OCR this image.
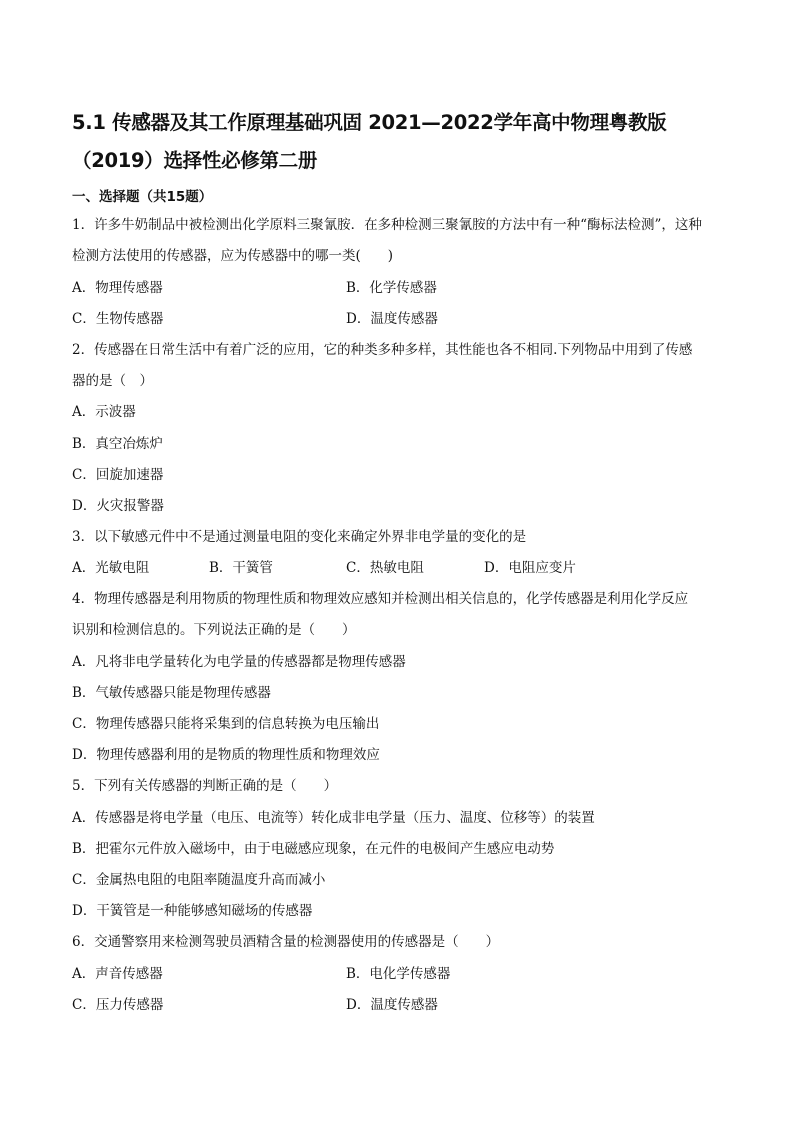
5.1 传感器及其工作原理基础巩固 2021—2022学年高中物理粤教版
（2019）选择性必修第二册
一、选择题（共15题）
1．许多牛奶制品中被检测出化学原料三聚氰胺．在多种检测三聚氰胺的方法中有一种“酶标法检测”，这种
检测方法使用的传感器，应为传感器中的哪一类(　　)
A．物理传感器	B．化学传感器
C．生物传感器	D．温度传感器
2．传感器在日常生活中有着广泛的应用，它的种类多种多样，其性能也各不相同.下列物品中用到了传感
器的是（　）
A．示波器
B．真空冶炼炉
C．回旋加速器
D．火灾报警器
3．以下敏感元件中不是通过测量电阻的变化来确定外界非电学量的变化的是
A．光敏电阻	B．干簧管	C．热敏电阻	D．电阻应变片
4．物理传感器是利用物质的物理性质和物理效应感知并检测出相关信息的，化学传感器是利用化学反应
识别和检测信息的。下列说法正确的是（　　）
A．凡将非电学量转化为电学量的传感器都是物理传感器
B．气敏传感器只能是物理传感器
C．物理传感器只能将采集到的信息转换为电压输出
D．物理传感器利用的是物质的物理性质和物理效应
5．下列有关传感器的判断正确的是（　　）
A．传感器是将电学量（电压、电流等）转化成非电学量（压力、温度、位移等）的装置
B．把霍尔元件放入磁场中，由于电磁感应现象，在元件的电极间产生感应电动势
C．金属热电阻的电阻率随温度升高而减小
D．干簧管是一种能够感知磁场的传感器
6．交通警察用来检测驾驶员酒精含量的检测器使用的传感器是（　　）
A．声音传感器	B．电化学传感器
C．压力传感器	D．温度传感器
